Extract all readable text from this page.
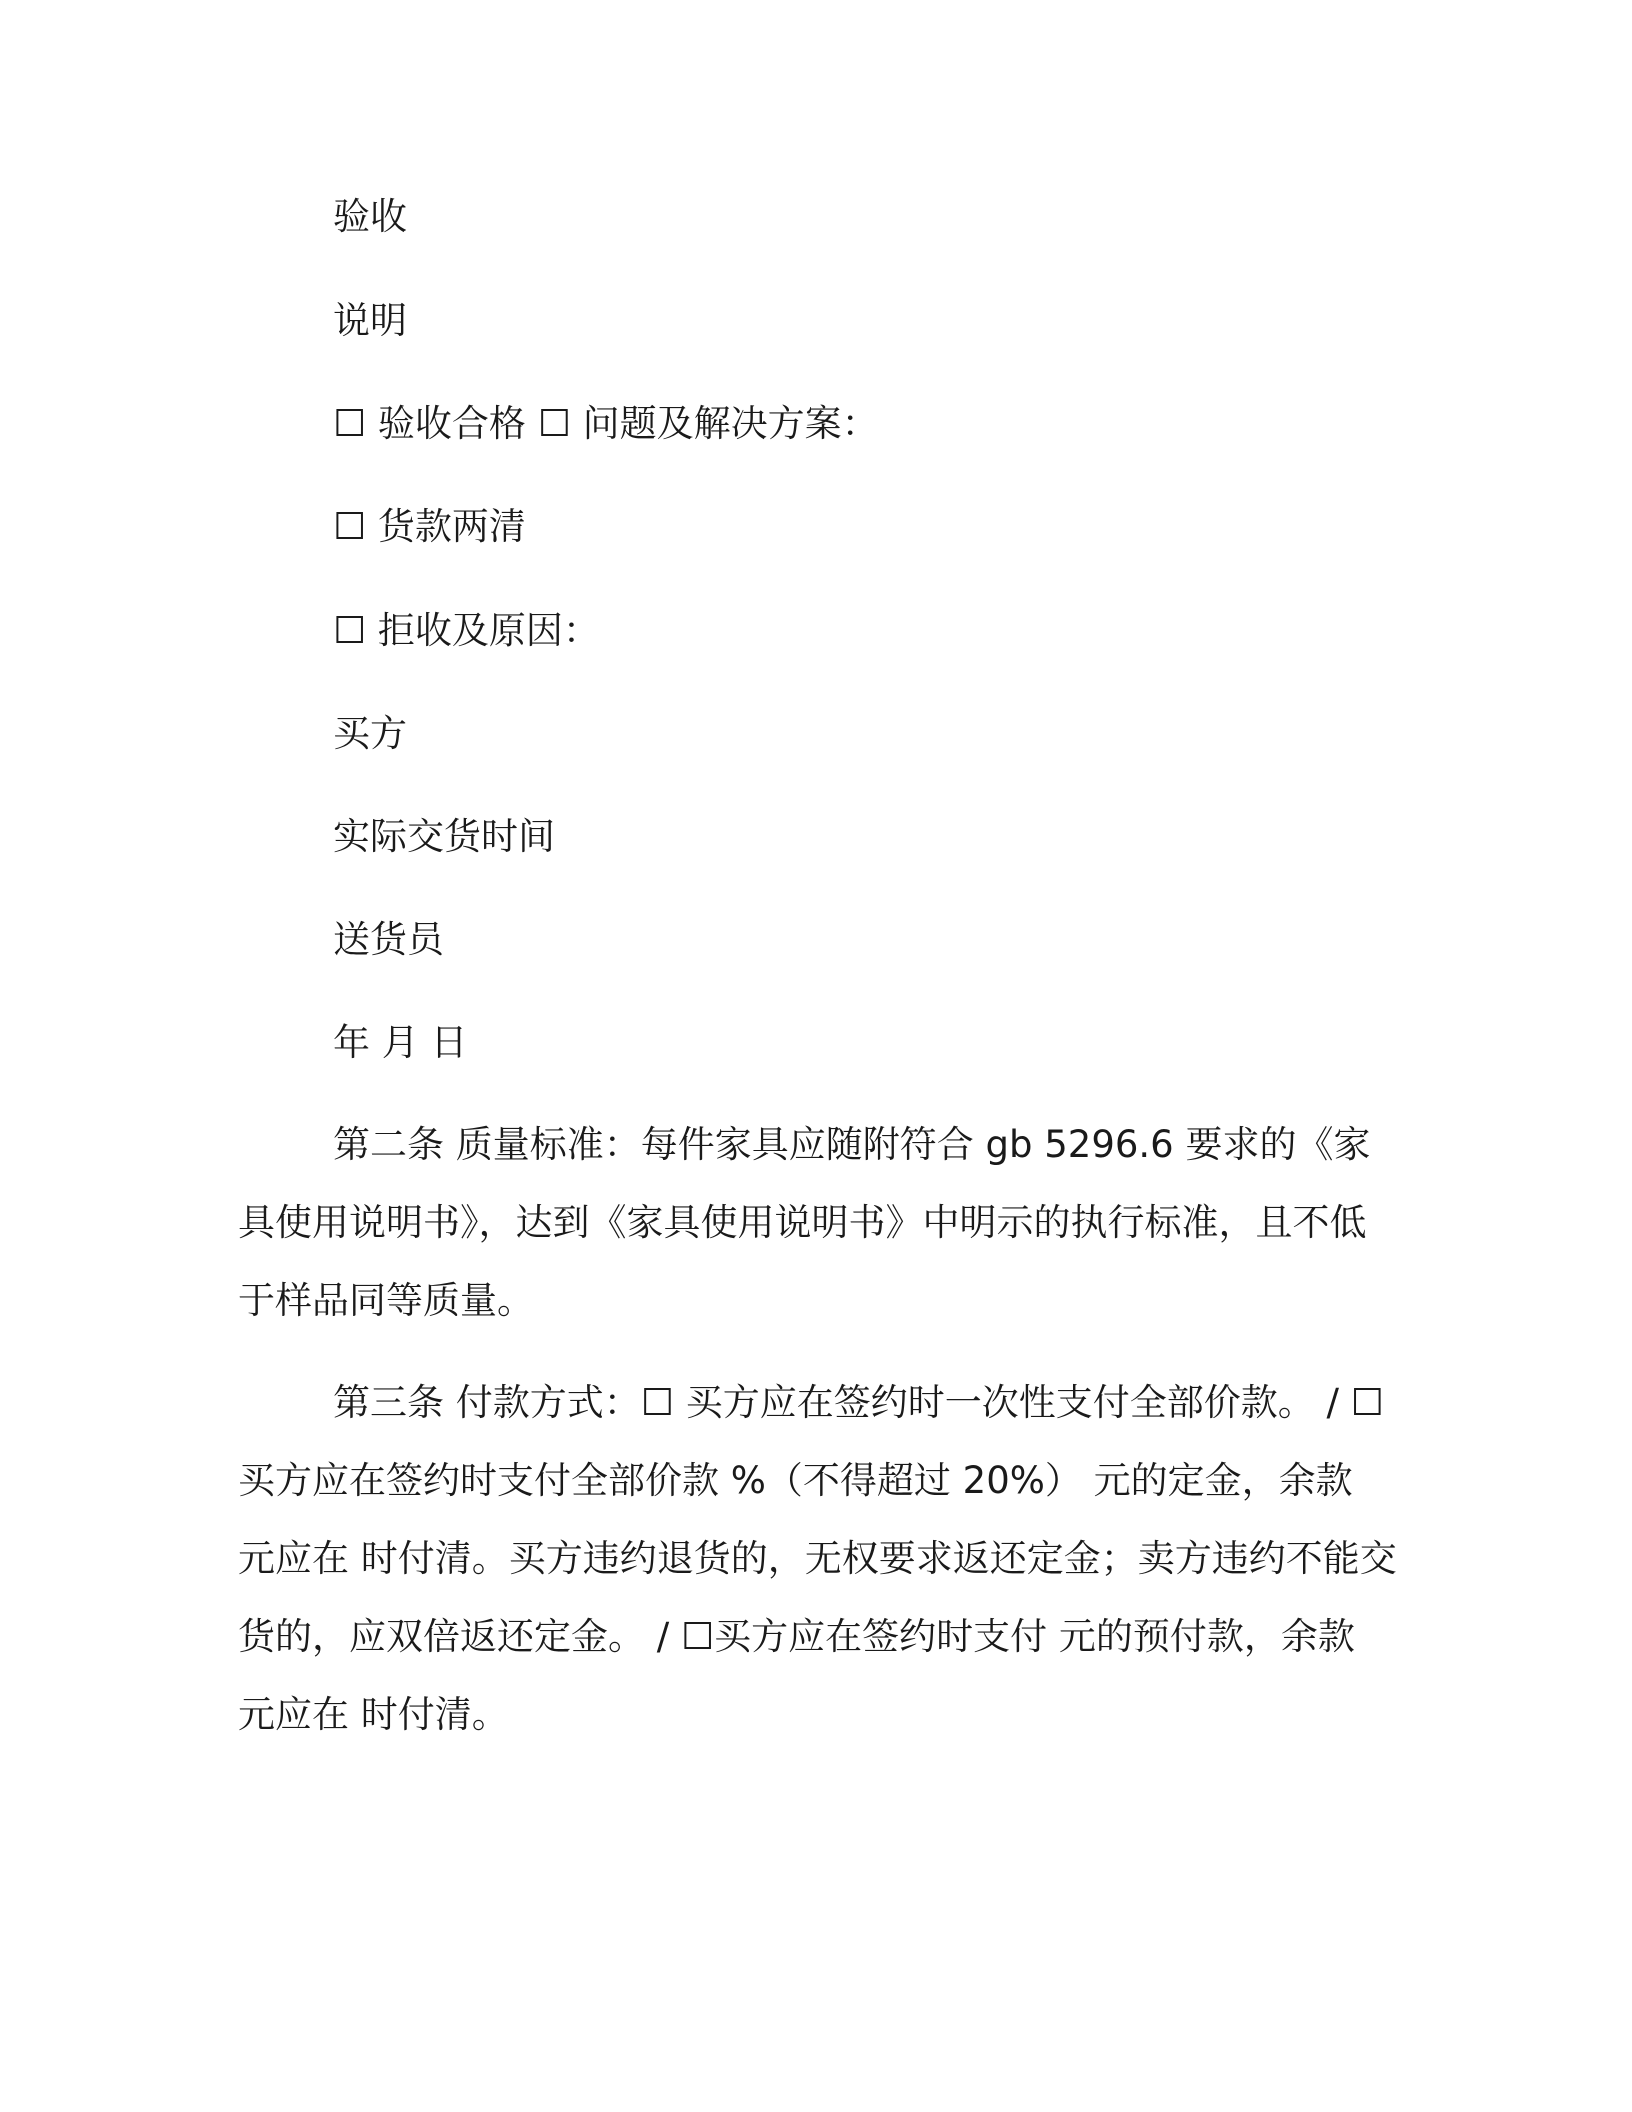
验收
说明
☐ 验收合格 ☐ 问题及解决方案：
☐ 货款两清
☐ 拒收及原因：
买方
实际交货时间
送货员
年 月 日

第二条 质量标准：每件家具应随附符合 gb 5296.6 要求的《家具使用说明书》，达到《家具使用说明书》中明示的执行标准，且不低于样品同等质量。

第三条 付款方式：☐ 买方应在签约时一次性支付全部价款。 / ☐ 买方应在签约时支付全部价款 %（不得超过 20%） 元的定金，余款 元应在 时付清。买方违约退货的，无权要求返还定金；卖方违约不能交货的，应双倍返还定金。 / ☐买方应在签约时支付 元的预付款，余款 元应在 时付清。
